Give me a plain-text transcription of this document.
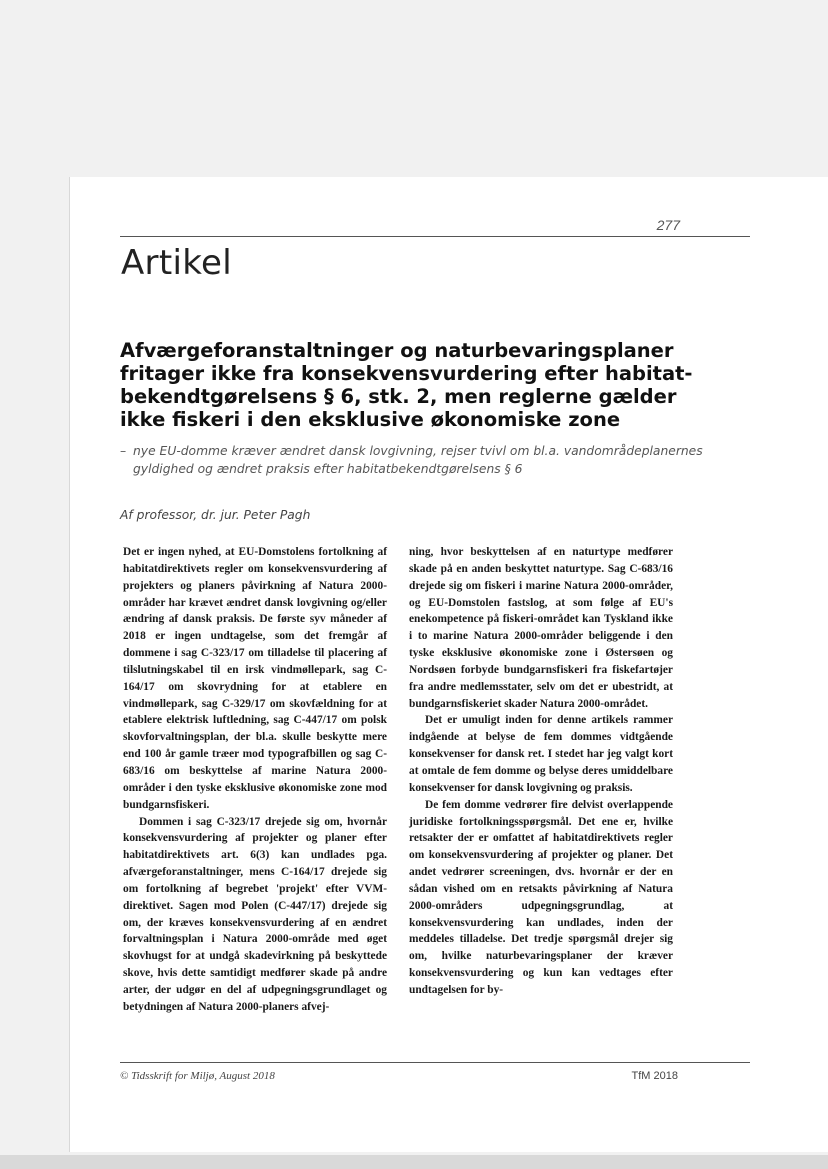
277
Artikel
Afværgeforanstaltninger og naturbevaringsplaner fritager ikke fra konsekvensvurdering efter habitat-bekendtgørelsens § 6, stk. 2, men reglerne gælder ikke fiskeri i den eksklusive økonomiske zone
– nye EU-domme kræver ændret dansk lovgivning, rejser tvivl om bl.a. vandområdeplanernes
gyldighed og ændret praksis efter habitatbekendtgørelsens § 6
Af professor, dr. jur. Peter Pagh

Det er ingen nyhed, at EU-Domstolens fortolkning af habitatdirektivets regler om konsekvensvurdering af projekters og planers påvirkning af Natura 2000-områder har krævet ændret dansk lovgivning og/eller ændring af dansk praksis. De første syv måneder af 2018 er ingen undtagelse, som det fremgår af dommene i sag C-323/17 om tilladelse til placering af tilslutningskabel til en irsk vindmøllepark, sag C-164/17 om skovrydning for at etablere en vindmøllepark, sag C-329/17 om skovfældning for at etablere elektrisk luftledning, sag C-447/17 om polsk skovforvaltningsplan, der bl.a. skulle beskytte mere end 100 år gamle træer mod typografbillen og sag C-683/16 om beskyttelse af marine Natura 2000-områder i den tyske eksklusive økonomiske zone mod bundgarnsfiskeri.

Dommen i sag C-323/17 drejede sig om, hvornår konsekvensvurdering af projekter og planer efter habitatdirektivets art. 6(3) kan undlades pga. afværgeforanstaltninger, mens C-164/17 drejede sig om fortolkning af begrebet 'projekt' efter VVM-direktivet. Sagen mod Polen (C-447/17) drejede sig om, der kræves konsekvensvurdering af en ændret forvaltningsplan i Natura 2000-område med øget skovhugst for at undgå skadevirkning på beskyttede skove, hvis dette samtidigt medfører skade på andre arter, der udgør en del af udpegningsgrundlaget og betydningen af Natura 2000-planers afvej-

ning, hvor beskyttelsen af en naturtype medfører skade på en anden beskyttet naturtype. Sag C-683/16 drejede sig om fiskeri i marine Natura 2000-områder, og EU-Domstolen fastslog, at som følge af EU's enekompetence på fiskeri-området kan Tyskland ikke i to marine Natura 2000-områder beliggende i den tyske eksklusive økonomiske zone i Østersøen og Nordsøen forbyde bundgarnsfiskeri fra fiskefartøjer fra andre medlemsstater, selv om det er ubestridt, at bundgarnsfiskeriet skader Natura 2000-området.

Det er umuligt inden for denne artikels rammer indgående at belyse de fem dommes vidtgående konsekvenser for dansk ret. I stedet har jeg valgt kort at omtale de fem domme og belyse deres umiddelbare konsekvenser for dansk lovgivning og praksis.

De fem domme vedrører fire delvist overlappende juridiske fortolkningsspørgsmål. Det ene er, hvilke retsakter der er omfattet af habitatdirektivets regler om konsekvensvurdering af projekter og planer. Det andet vedrører screeningen, dvs. hvornår er der en sådan vished om en retsakts påvirkning af Natura 2000-områders udpegningsgrundlag, at konsekvensvurdering kan undlades, inden der meddeles tilladelse. Det tredje spørgsmål drejer sig om, hvilke naturbevaringsplaner der kræver konsekvensvurdering og kun kan vedtages efter undtagelsen for by-

© Tidsskrift for Miljø, August 2018	TfM 2018
